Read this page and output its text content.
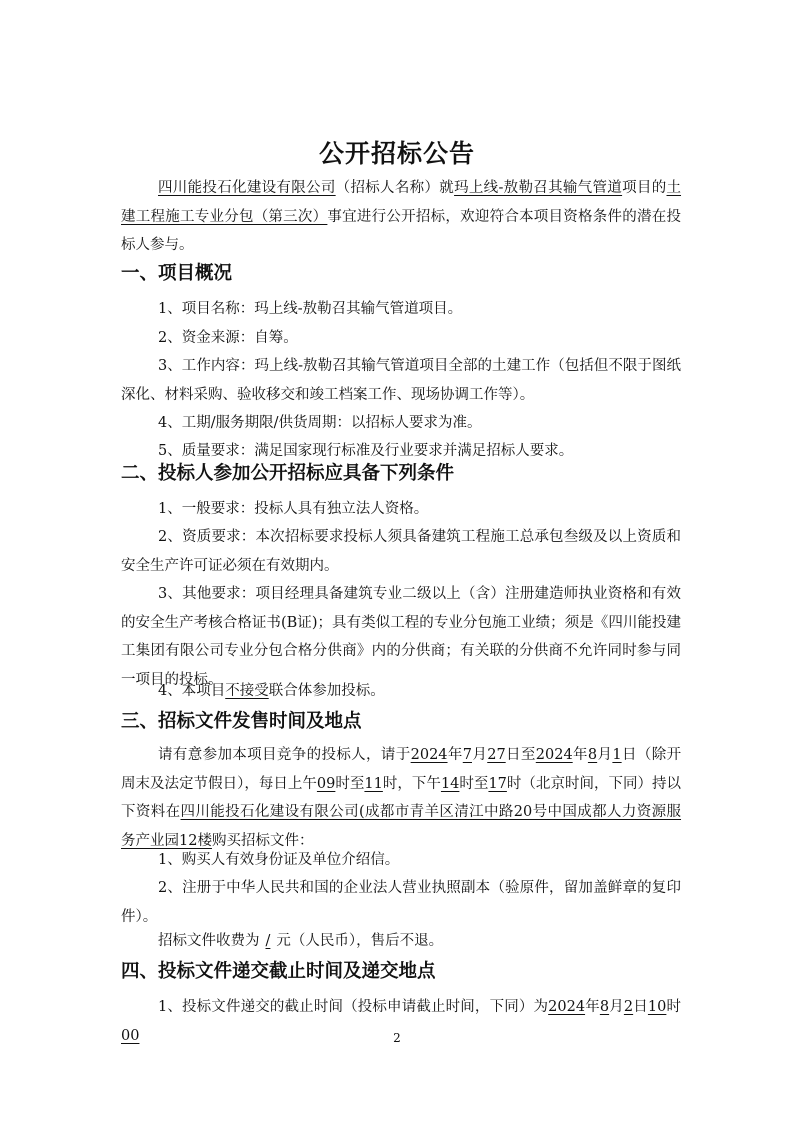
公开招标公告
四川能投石化建设有限公司（招标人名称）就玛上线-敖勒召其输气管道项目的土建工程施工专业分包（第三次）事宜进行公开招标，欢迎符合本项目资格条件的潜在投标人参与。
一、项目概况
1、项目名称：玛上线-敖勒召其输气管道项目。
2、资金来源：自筹。
3、工作内容：玛上线-敖勒召其输气管道项目全部的土建工作（包括但不限于图纸深化、材料采购、验收移交和竣工档案工作、现场协调工作等）。
4、工期/服务期限/供货周期：以招标人要求为准。
5、质量要求：满足国家现行标准及行业要求并满足招标人要求。
二、投标人参加公开招标应具备下列条件
1、一般要求：投标人具有独立法人资格。
2、资质要求：本次招标要求投标人须具备建筑工程施工总承包叁级及以上资质和安全生产许可证必须在有效期内。
3、其他要求：项目经理具备建筑专业二级以上（含）注册建造师执业资格和有效的安全生产考核合格证书(B证)；具有类似工程的专业分包施工业绩；须是《四川能投建工集团有限公司专业分包合格分供商》内的分供商；有关联的分供商不允许同时参与同一项目的投标。
4、本项目不接受联合体参加投标。
三、招标文件发售时间及地点
请有意参加本项目竞争的投标人，请于2024年7月27日至2024年8月1日（除开周末及法定节假日），每日上午09时至11时，下午14时至17时（北京时间，下同）持以下资料在四川能投石化建设有限公司(成都市青羊区清江中路20号中国成都人力资源服务产业园12楼购买招标文件：
1、购买人有效身份证及单位介绍信。
2、注册于中华人民共和国的企业法人营业执照副本（验原件，留加盖鲜章的复印件）。
招标文件收费为 / 元（人民币），售后不退。
四、投标文件递交截止时间及递交地点
1、投标文件递交的截止时间（投标申请截止时间，下同）为2024年8月2日10时00	2
